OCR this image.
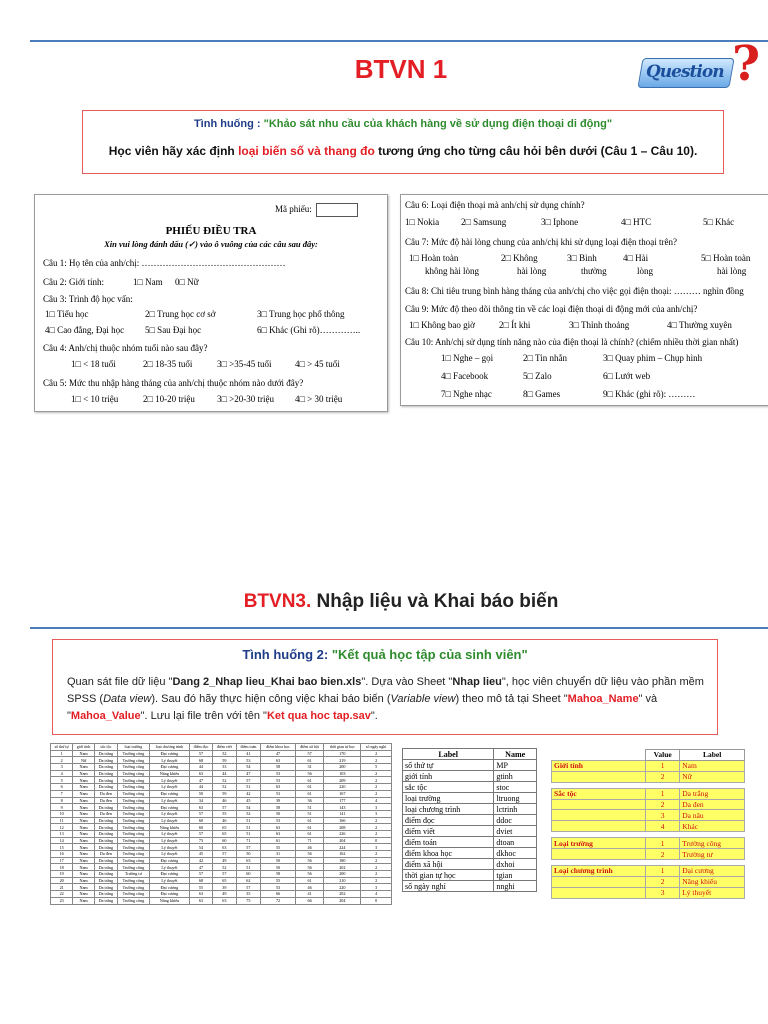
BTVN 1	Question ?
Tình huống : "Khảo sát nhu cầu của khách hàng về sử dụng điện thoại di động"
Học viên hãy xác định loại biến số và thang đo tương ứng cho từng câu hỏi bên dưới (Câu 1 – Câu 10).
Mã phiếu:
PHIẾU ĐIỀU TRA
Xin vui lòng đánh dấu (✓) vào ô vuông của các câu sau đây:
Câu 1: Họ tên của anh/chị: …………………………………………
Câu 2: Giới tính:	1□ Nam 0□ Nữ
Câu 3: Trình độ học vấn:
1□ Tiểu học	2□ Trung học cơ sở	3□ Trung học phổ thông
4□ Cao đẳng, Đại học 5□ Sau Đại học	6□ Khác (Ghi rõ)…………..
Câu 4: Anh/chị thuộc nhóm tuổi nào sau đây?
1□ < 18 tuổi	2□ 18-35 tuổi	3□ >35-45 tuổi	4□ > 45 tuổi
Câu 5: Mức thu nhập hàng tháng của anh/chị thuộc nhóm nào dưới đây?
1□ < 10 triệu	2□ 10-20 triệu 3□ >20-30 triệu 4□ > 30 triệu
Câu 6: Loại điện thoại mà anh/chị sử dụng chính?
1□ Nokia 2□ Samsung	3□ Iphone	4□ HTC	5□ Khác
Câu 7: Mức độ hài lòng chung của anh/chị khi sử dụng loại điện thoại trên?
1□ Hoàn toàn	2□ Không	3□ Bình	4□ Hài	5□ Hoàn toàn
không hài lòng	hài lòng	thường	lòng	hài lòng
Câu 8: Chi tiêu trung bình hàng tháng của anh/chị cho việc gọi điện thoại: ……… nghìn đồng
Câu 9: Mức độ theo dõi thông tin về các loại điện thoại di động mới của anh/chị?
1□ Không bao giờ	2□ Ít khi	3□ Thỉnh thoảng	4□ Thường xuyên
Câu 10: Anh/chị sử dụng tính năng nào của điện thoại là chính? (chiếm nhiều thời gian nhất)
1□ Nghe – gọi	2□ Tin nhắn	3□ Quay phim – Chụp hình
4□ Facebook	5□ Zalo	6□ Lướt web
7□ Nghe nhạc	8□ Games	9□ Khác (ghi rõ): ………
BTVN3. Nhập liệu và Khai báo biến
Tình huống 2: "Kết quả học tập của sinh viên"
Quan sát file dữ liệu "Dang 2_Nhap lieu_Khai bao bien.xls". Dựa vào Sheet "Nhap lieu", học viên chuyển dữ liệu vào phần mềm SPSS (Data view). Sau đó hãy thực hiện công việc khai báo biến (Variable view) theo mô tả tại Sheet "Mahoa_Name" và "Mahoa_Value". Lưu lại file trên với tên "Ket qua hoc tap.sav".
số thứ tự	giới tính	sắc tộc	loại trường	loại chương trình	điểm đọc	điểm viết	điểm toán	điểm khoa học	điểm xã hội	thời gian tự học	số ngày nghỉ
1	Nam	Da trắng	Trường công	Đại cương	57	52	41	47	57	170	2
2	Nữ	Da trắng	Trường công	Lý thuyết	68	59	53	63	61	219	2
3	Nam	Da trắng	Trường công	Đại cương	44	33	54	58	31	200	5
4	Nam	Da trắng	Trường công	Năng khiếu	63	44	47	53	56	103	2
5	Nam	Da trắng	Trường công	Lý thuyết	47	52	57	53	61	209	2
6	Nam	Da trắng	Trường công	Lý thuyết	44	52	51	63	61	220	2
7	Nam	Da đen	Trường công	Đại cương	50	59	42	53	61	167	2
8	Nam	Da đen	Trường công	Lý thuyết	34	46	45	39	36	177	4
9	Nam	Da trắng	Trường công	Đại cương	63	57	54	58	51	143	3
10	Nam	Da đen	Trường công	Lý thuyết	57	55	52	50	51	141	3
11	Nam	Da trắng	Trường công	Lý thuyết	60	46	51	53	61	166	2
12	Nam	Da trắng	Trường công	Năng khiếu	60	65	51	63	61	208	2
13	Nam	Da trắng	Trường công	Lý thuyết	57	65	51	63	61	226	2
14	Nam	Da trắng	Trường công	Lý thuyết	73	60	71	61	71	204	0
15	Nam	Da trắng	Trường công	Lý thuyết	54	63	57	55	46	224	3
16	Nam	Da đen	Trường công	Lý thuyết	45	57	50	31	56	162	2
17	Nam	Da trắng	Trường công	Đại cương	42	49	63	50	56	180	2
18	Nam	Da trắng	Trường công	Lý thuyết	47	52	51	50	56	202	2
19	Nam	Da trắng	Trường tư	Đại cương	57	57	60	58	56	200	2
20	Nam	Da trắng	Trường công	Lý thuyết	68	65	62	55	61	210	2
21	Nam	Da trắng	Trường công	Đại cương	55	39	57	53	46	220	3
22	Nam	Da trắng	Trường công	Đại cương	63	49	35	66	41	202	4
23	Nam	Da trắng	Trường công	Năng khiếu	63	63	75	72	66	204	0
Label	Name
số thứ tự	MP
giới tính	gtinh
sắc tộc	stoc
loại trường	ltruong
loại chương trình	lctrinh
điểm đọc	ddoc
điểm viết	dviet
điểm toán	dtoan
điểm khoa học	dkhoc
điểm xã hội	dxhoi
thời gian tự học	tgian
số ngày nghỉ	nnghi
	Value	Label
Giới tính	1	Nam
	2	Nữ

Sắc tộc	1	Da trắng
	2	Da đen
	3	Da nâu
	4	Khác

Loại trường	1	Trường công
	2	Trường tư

Loại chương trình	1	Đại cương
	2	Năng khiếu
	3	Lý thuyết
